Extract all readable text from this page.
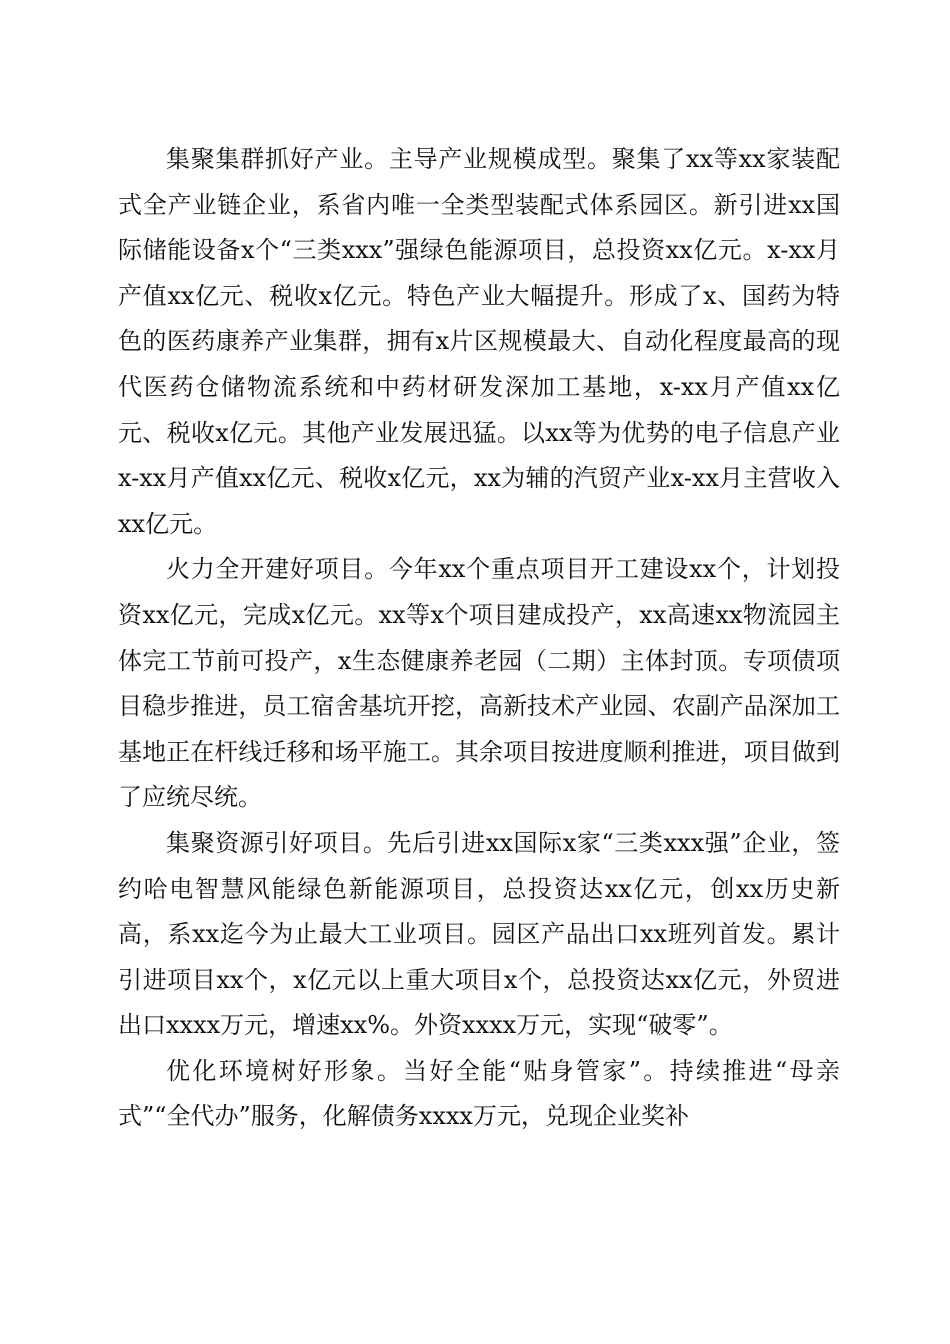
集聚集群抓好产业。主导产业规模成型。聚集了xx等xx家装配式全产业链企业，系省内唯一全类型装配式体系园区。新引进xx国际储能设备x个“三类xxx”强绿色能源项目，总投资xx亿元。x-xx月产值xx亿元、税收x亿元。特色产业大幅提升。形成了x、国药为特色的医药康养产业集群，拥有x片区规模最大、自动化程度最高的现代医药仓储物流系统和中药材研发深加工基地，x-xx月产值xx亿元、税收x亿元。其他产业发展迅猛。以xx等为优势的电子信息产业x-xx月产值xx亿元、税收x亿元，xx为辅的汽贸产业x-xx月主营收入xx亿元。

火力全开建好项目。今年xx个重点项目开工建设xx个，计划投资xx亿元，完成x亿元。xx等x个项目建成投产，xx高速xx物流园主体完工节前可投产，x生态健康养老园（二期）主体封顶。专项债项目稳步推进，员工宿舍基坑开挖，高新技术产业园、农副产品深加工基地正在杆线迁移和场平施工。其余项目按进度顺利推进，项目做到了应统尽统。

集聚资源引好项目。先后引进xx国际x家“三类xxx强”企业，签约哈电智慧风能绿色新能源项目，总投资达xx亿元，创xx历史新高，系xx迄今为止最大工业项目。园区产品出口xx班列首发。累计引进项目xx个，x亿元以上重大项目x个，总投资达xx亿元，外贸进出口xxxx万元，增速xx%。外资xxxx万元，实现“破零”。

优化环境树好形象。当好全能“贴身管家”。持续推进“母亲式”“全代办”服务，化解债务xxxx万元，兑现企业奖补
